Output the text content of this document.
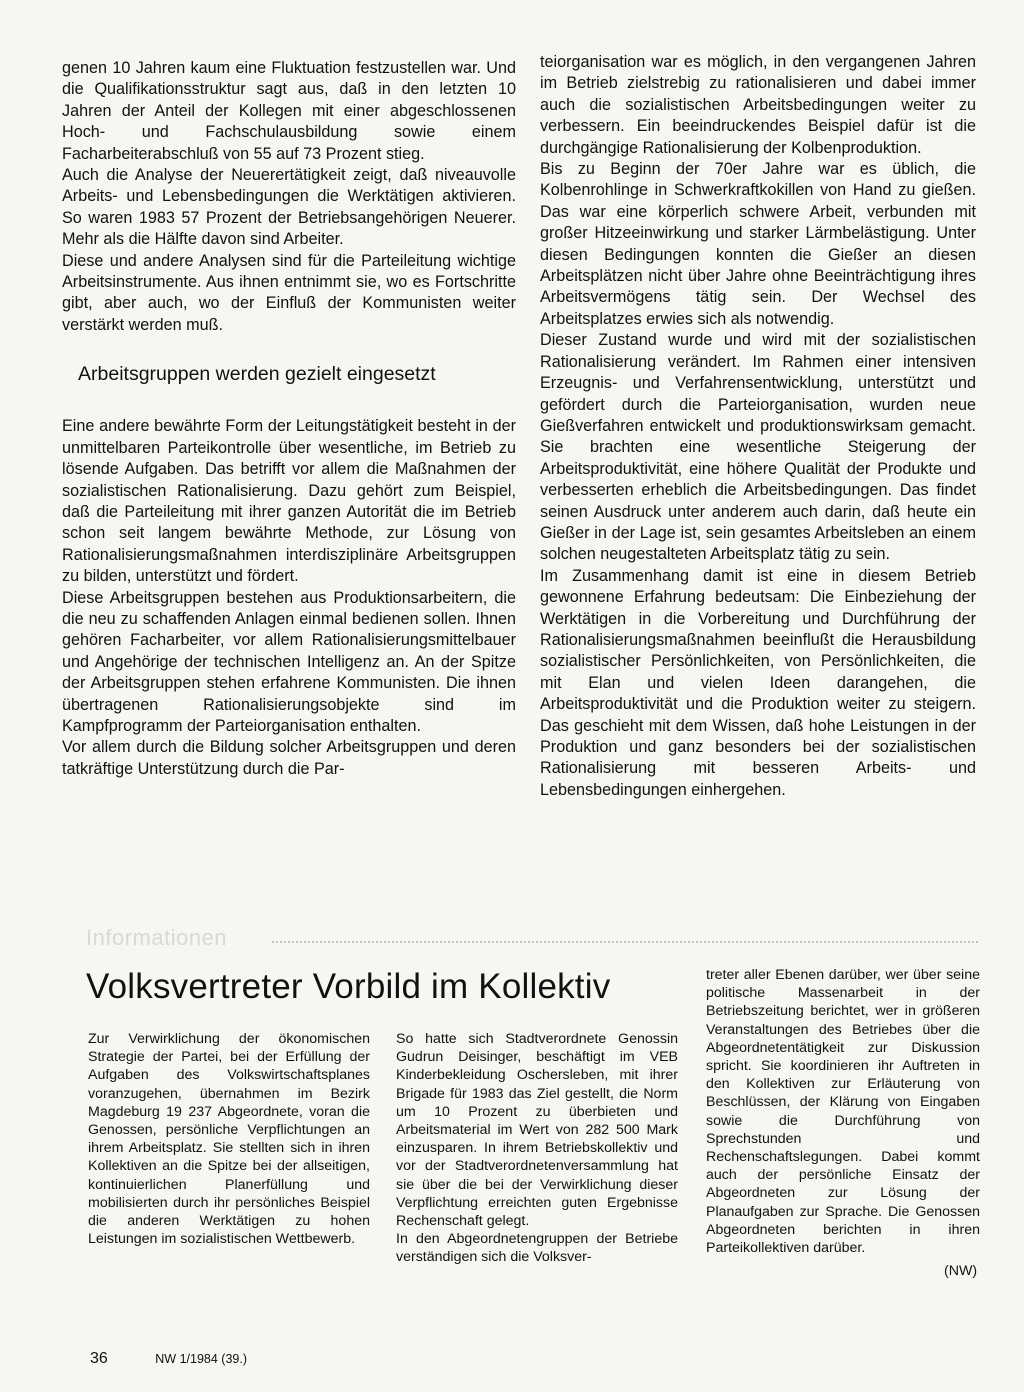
genen 10 Jahren kaum eine Fluktuation festzustellen war. Und die Qualifikationsstruktur sagt aus, daß in den letzten 10 Jahren der Anteil der Kollegen mit einer abgeschlossenen Hoch- und Fachschulausbildung sowie einem Facharbeiterabschluß von 55 auf 73 Prozent stieg.

Auch die Analyse der Neuerertätigkeit zeigt, daß niveauvolle Arbeits- und Lebensbedingungen die Werktätigen aktivieren. So waren 1983 57 Prozent der Betriebsangehörigen Neuerer. Mehr als die Hälfte davon sind Arbeiter.

Diese und andere Analysen sind für die Parteileitung wichtige Arbeitsinstrumente. Aus ihnen entnimmt sie, wo es Fortschritte gibt, aber auch, wo der Einfluß der Kommunisten weiter verstärkt werden muß.

Arbeitsgruppen werden gezielt eingesetzt

Eine andere bewährte Form der Leitungstätigkeit besteht in der unmittelbaren Parteikontrolle über wesentliche, im Betrieb zu lösende Aufgaben. Das betrifft vor allem die Maßnahmen der sozialistischen Rationalisierung. Dazu gehört zum Beispiel, daß die Parteileitung mit ihrer ganzen Autorität die im Betrieb schon seit langem bewährte Methode, zur Lösung von Rationalisierungsmaßnahmen interdisziplinäre Arbeitsgruppen zu bilden, unterstützt und fördert.

Diese Arbeitsgruppen bestehen aus Produktionsarbeitern, die die neu zu schaffenden Anlagen einmal bedienen sollen. Ihnen gehören Facharbeiter, vor allem Rationalisierungsmittelbauer und Angehörige der technischen Intelligenz an. An der Spitze der Arbeitsgruppen stehen erfahrene Kommunisten. Die ihnen übertragenen Rationalisierungsobjekte sind im Kampfprogramm der Parteiorganisation enthalten.

Vor allem durch die Bildung solcher Arbeitsgruppen und deren tatkräftige Unterstützung durch die Par-

teiorganisation war es möglich, in den vergangenen Jahren im Betrieb zielstrebig zu rationalisieren und dabei immer auch die sozialistischen Arbeitsbedingungen weiter zu verbessern. Ein beeindruckendes Beispiel dafür ist die durchgängige Rationalisierung der Kolbenproduktion.

Bis zu Beginn der 70er Jahre war es üblich, die Kolbenrohlinge in Schwerkraftkokillen von Hand zu gießen. Das war eine körperlich schwere Arbeit, verbunden mit großer Hitzeeinwirkung und starker Lärmbelästigung. Unter diesen Bedingungen konnten die Gießer an diesen Arbeitsplätzen nicht über Jahre ohne Beeinträchtigung ihres Arbeitsvermögens tätig sein. Der Wechsel des Arbeitsplatzes erwies sich als notwendig.

Dieser Zustand wurde und wird mit der sozialistischen Rationalisierung verändert. Im Rahmen einer intensiven Erzeugnis- und Verfahrensentwicklung, unterstützt und gefördert durch die Parteiorganisation, wurden neue Gießverfahren entwickelt und produktionswirksam gemacht. Sie brachten eine wesentliche Steigerung der Arbeitsproduktivität, eine höhere Qualität der Produkte und verbesserten erheblich die Arbeitsbedingungen. Das findet seinen Ausdruck unter anderem auch darin, daß heute ein Gießer in der Lage ist, sein gesamtes Arbeitsleben an einem solchen neugestalteten Arbeitsplatz tätig zu sein.

Im Zusammenhang damit ist eine in diesem Betrieb gewonnene Erfahrung bedeutsam: Die Einbeziehung der Werktätigen in die Vorbereitung und Durchführung der Rationalisierungsmaßnahmen beeinflußt die Herausbildung sozialistischer Persönlichkeiten, von Persönlichkeiten, die mit Elan und vielen Ideen darangehen, die Arbeitsproduktivität und die Produktion weiter zu steigern. Das geschieht mit dem Wissen, daß hohe Leistungen in der Produktion und ganz besonders bei der sozialistischen Rationalisierung mit besseren Arbeits- und Lebensbedingungen einhergehen.

Informationen
Volksvertreter Vorbild im Kollektiv

Zur Verwirklichung der ökonomischen Strategie der Partei, bei der Erfüllung der Aufgaben des Volkswirtschaftsplanes voranzugehen, übernahmen im Bezirk Magdeburg 19 237 Abgeordnete, voran die Genossen, persönliche Verpflichtungen an ihrem Arbeitsplatz. Sie stellten sich in ihren Kollektiven an die Spitze bei der allseitigen, kontinuierlichen Planerfüllung und mobilisierten durch ihr persönliches Beispiel die anderen Werktätigen zu hohen Leistungen im sozialistischen Wettbewerb.

So hatte sich Stadtverordnete Genossin Gudrun Deisinger, beschäftigt im VEB Kinderbekleidung Oschersleben, mit ihrer Brigade für 1983 das Ziel gestellt, die Norm um 10 Prozent zu überbieten und Arbeitsmaterial im Wert von 282 500 Mark einzusparen. In ihrem Betriebskollektiv und vor der Stadtverordnetenversammlung hat sie über die bei der Verwirklichung dieser Verpflichtung erreichten guten Ergebnisse Rechenschaft gelegt.

In den Abgeordnetengruppen der Betriebe verständigen sich die Volksver-

treter aller Ebenen darüber, wer über seine politische Massenarbeit in der Betriebszeitung berichtet, wer in größeren Veranstaltungen des Betriebes über die Abgeordnetentätigkeit zur Diskussion spricht. Sie koordinieren ihr Auftreten in den Kollektiven zur Erläuterung von Beschlüssen, der Klärung von Eingaben sowie die Durchführung von Sprechstunden und Rechenschaftslegungen. Dabei kommt auch der persönliche Einsatz der Abgeordneten zur Lösung der Planaufgaben zur Sprache. Die Genossen Abgeordneten berichten in ihren Parteikollektiven darüber.

(NW)
36	NW 1/1984 (39.)
